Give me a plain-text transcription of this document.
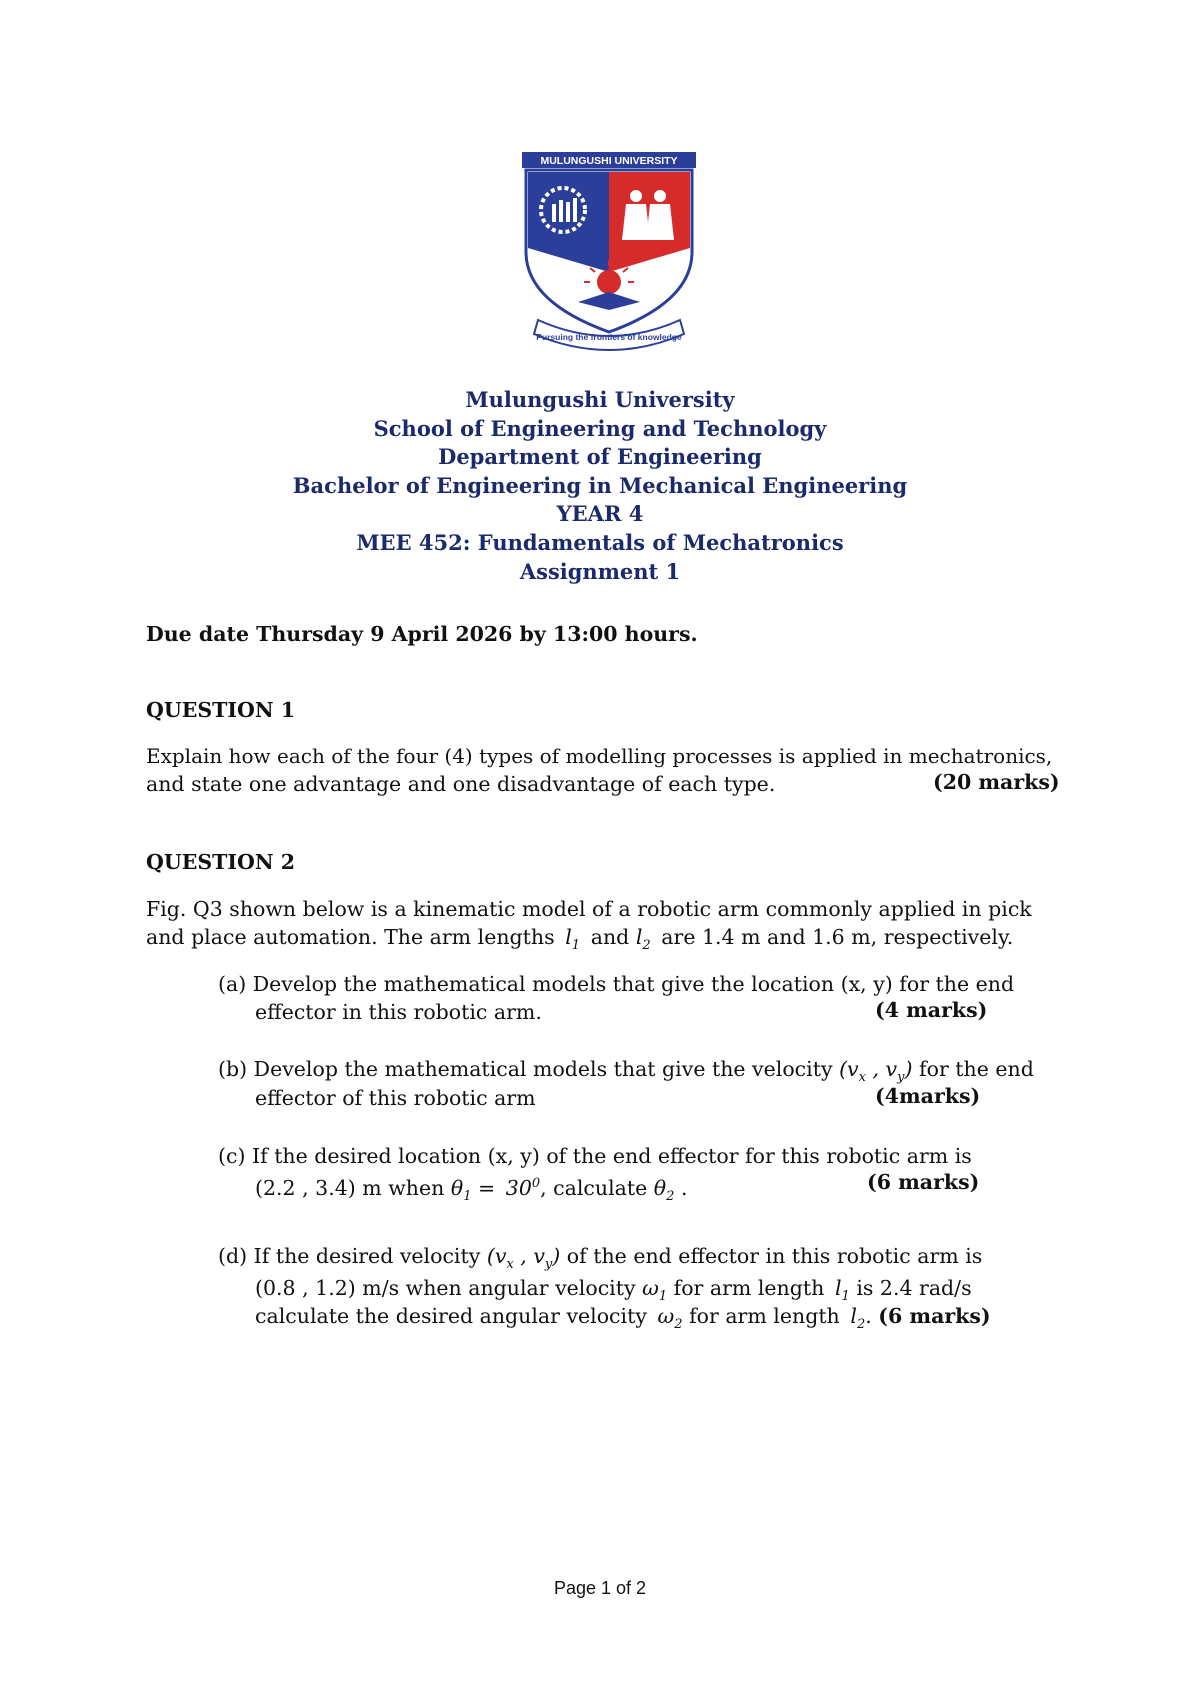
MULUNGUSHI UNIVERSITY
Pursuing the frontiers of knowledge
Mulungushi University
School of Engineering and Technology
Department of Engineering
Bachelor of Engineering in Mechanical Engineering
YEAR 4
MEE 452: Fundamentals of Mechatronics
Assignment 1
Due date Thursday 9 April 2026 by 13:00 hours.
QUESTION 1
Explain how each of the four (4) types of modelling processes is applied in mechatronics,
and state one advantage and one disadvantage of each type.	(20 marks)
QUESTION 2
Fig. Q3 shown below is a kinematic model of a robotic arm commonly applied in pick
and place automation. The arm lengths  $l_1$  and $l_2$  are 1.4 m and 1.6 m, respectively.
(a) Develop the mathematical models that give the location (x, y) for the end
effector in this robotic arm.	(4 marks)
(b) Develop the mathematical models that give the velocity ($v_x$ , $v_y$) for the end
effector of this robotic arm	(4marks)
(c) If the desired location (x, y) of the end effector for this robotic arm is
(2.2 , 3.4) m when $\theta_1 = 30^0$, calculate $\theta_2$ .	(6 marks)
(d) If the desired velocity ($v_x$ , $v_y$) of the end effector in this robotic arm is
(0.8 , 1.2) m/s when angular velocity $\omega_1$ for arm length  $l_1$ is 2.4 rad/s
calculate the desired angular velocity  $\omega_2$ for arm length  $l_2$. (6 marks)
Page 1 of 2
